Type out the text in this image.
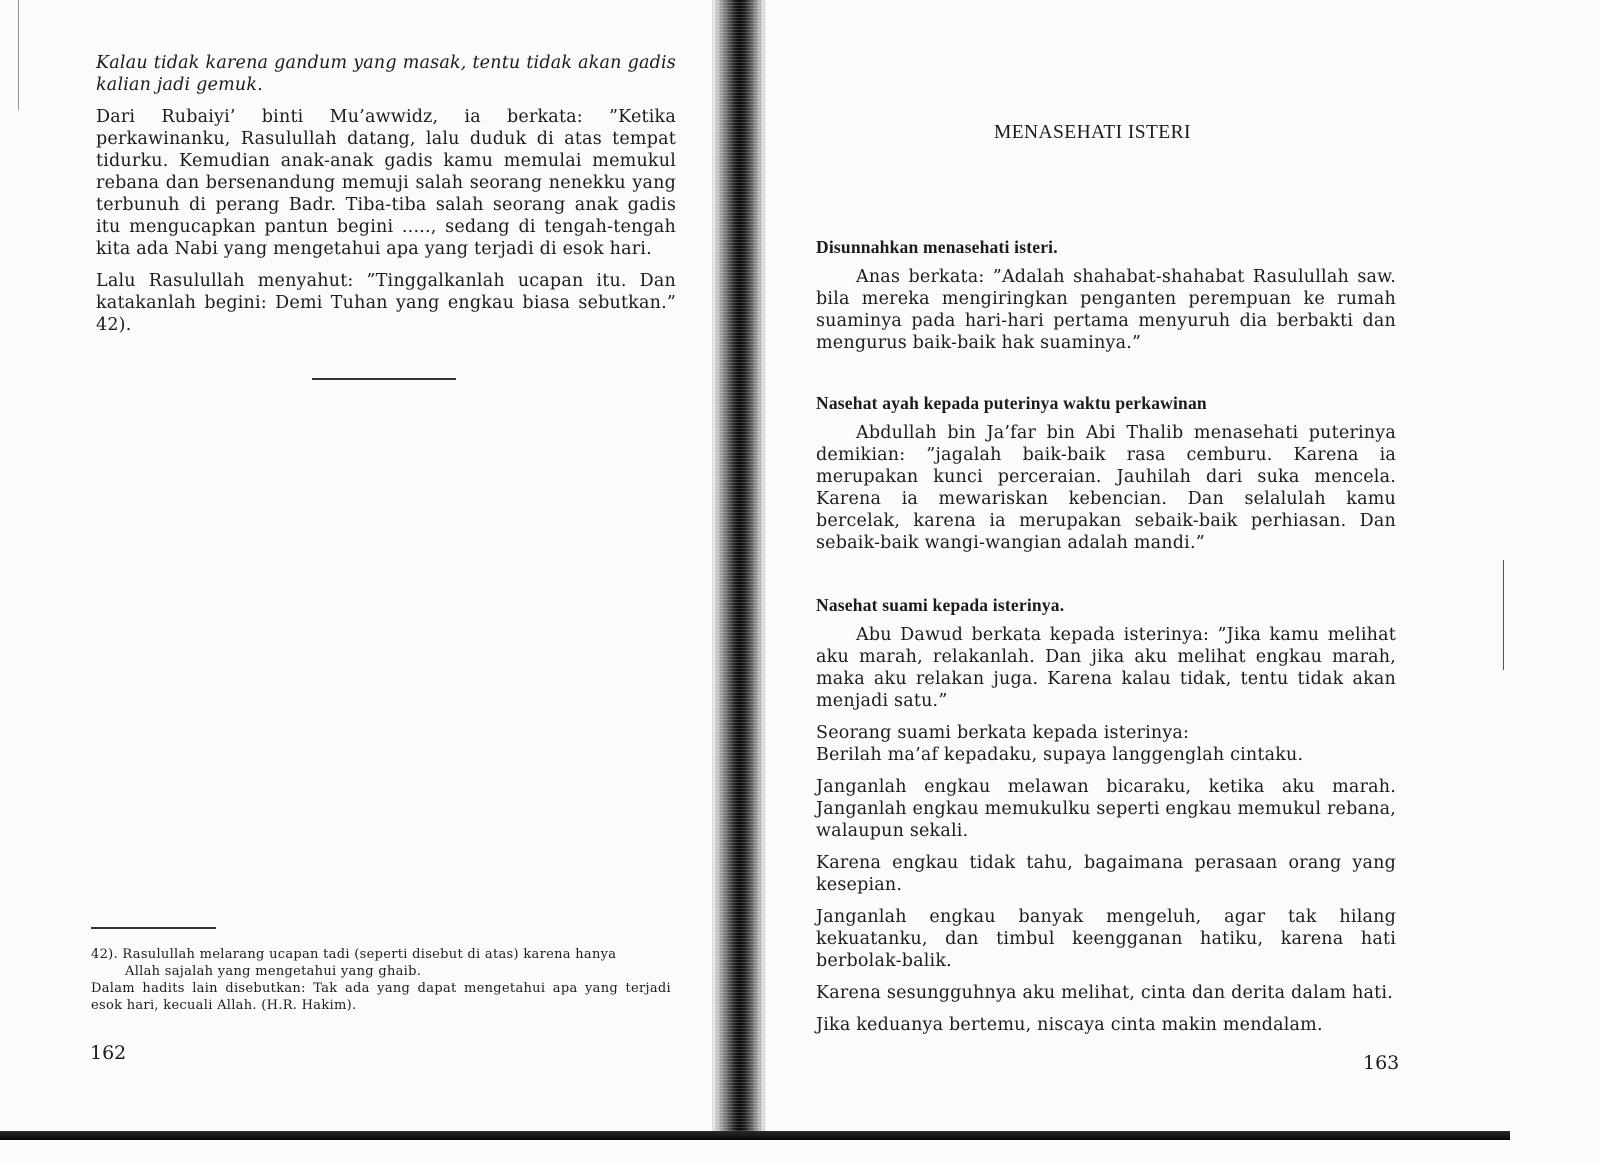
Kalau tidak karena gandum yang masak, tentu tidak akan gadis kalian jadi gemuk.

Dari Rubaiyi’ binti Mu’awwidz, ia berkata: ”Ketika perkawinanku, Rasulullah datang, lalu duduk di atas tempat tidurku. Kemudian anak-anak gadis kamu memulai memukul rebana dan bersenandung memuji salah seorang nenekku yang terbunuh di perang Badr. Tiba-tiba salah seorang anak gadis itu mengucapkan pantun begini ....., sedang di tengah-tengah kita ada Nabi yang mengetahui apa yang terjadi di esok hari.

Lalu Rasulullah menyahut: ”Tinggalkanlah ucapan itu. Dan katakanlah begini: Demi Tuhan yang engkau biasa sebutkan.” 42).

42). Rasulullah melarang ucapan tadi (seperti disebut di atas) karena hanya

Allah sajalah yang mengetahui yang ghaib.

Dalam hadits lain disebutkan: Tak ada yang dapat mengetahui apa yang terjadi esok hari, kecuali Allah. (H.R. Hakim).

162
MENASEHATI ISTERI

Disunnahkan menasehati isteri.

Anas berkata: ”Adalah shahabat-shahabat Rasulullah saw. bila mereka mengiringkan penganten perempuan ke rumah suaminya pada hari-hari pertama menyuruh dia berbakti dan mengurus baik-baik hak suaminya.”

Nasehat ayah kepada puterinya waktu perkawinan

Abdullah bin Ja’far bin Abi Thalib menasehati puterinya demikian: ”jagalah baik-baik rasa cemburu. Karena ia merupakan kunci perceraian. Jauhilah dari suka mencela. Karena ia mewariskan kebencian. Dan selalulah kamu bercelak, karena ia merupakan sebaik-baik perhiasan. Dan sebaik-baik wangi-wangian adalah mandi.”

Nasehat suami kepada isterinya.

Abu Dawud berkata kepada isterinya: ”Jika kamu melihat aku marah, relakanlah. Dan jika aku melihat engkau marah, maka aku relakan juga. Karena kalau tidak, tentu tidak akan menjadi satu.”

Seorang suami berkata kepada isterinya:

Berilah ma’af kepadaku, supaya langgenglah cintaku.

Janganlah engkau melawan bicaraku, ketika aku marah. Janganlah engkau memukulku seperti engkau memukul rebana, walaupun sekali.

Karena engkau tidak tahu, bagaimana perasaan orang yang kesepian.

Janganlah engkau banyak mengeluh, agar tak hilang kekuatanku, dan timbul keengganan hatiku, karena hati berbolak-balik.

Karena sesungguhnya aku melihat, cinta dan derita dalam hati.

Jika keduanya bertemu, niscaya cinta makin mendalam.

163
